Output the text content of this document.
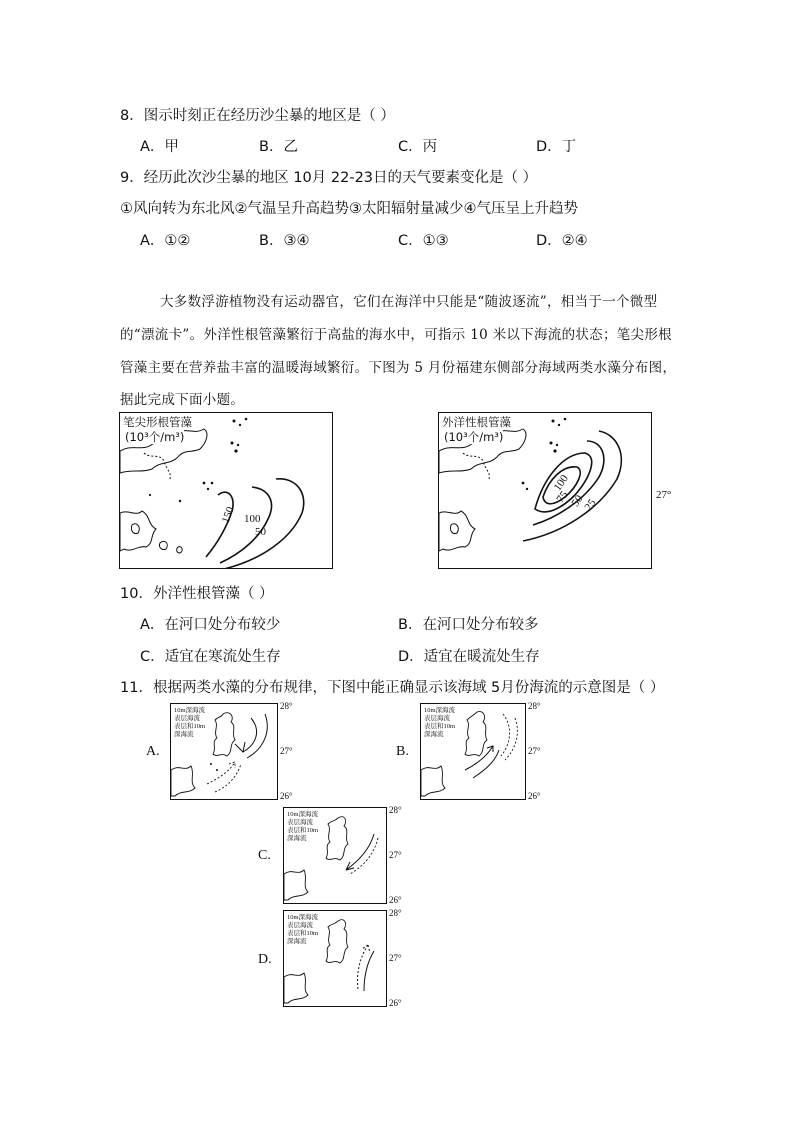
8．图示时刻正在经历沙尘暴的地区是（ ）
A．甲	B．乙	C．丙	D．丁
9．经历此次沙尘暴的地区 10月 22-23日的天气要素变化是（ ）
①风向转为东北风②气温呈升高趋势③太阳辐射量减少④气压呈上升趋势
A．①②	B．③④	C．①③	D．②④
大多数浮游植物没有运动器官，它们在海洋中只能是“随波逐流”，相当于一个微型
的“漂流卡”。外洋性根管藻繁衍于高盐的海水中，可指示 10 米以下海流的状态；笔尖形根
管藻主要在营养盐丰富的温暖海域繁衍。下图为 5 月份福建东侧部分海域两类水藻分布图，
据此完成下面小题。
笔尖形根管藻
(10³个/m³)
150 100
50
外洋性根管藻
(10³个/m³)
100
75
50
25
27°
10．外洋性根管藻（ ）
A．在河口处分布较少	B．在河口处分布较多
C．适宜在寒流处生存	D．适宜在暖流处生存
11．根据两类水藻的分布规律，下图中能正确显示该海域 5月份海流的示意图是（ ）
A.
10m深海流
表层海流
表层和10m
深海流
28°
27°
26°
B.
10m深海流
表层海流
表层和10m
深海流
28°
27°
26°
C.
10m深海流
表层海流
表层和10m
深海流
28°
27°
26°
D.
10m深海流
表层海流
表层和10m
深海流
28°
27°
26°
